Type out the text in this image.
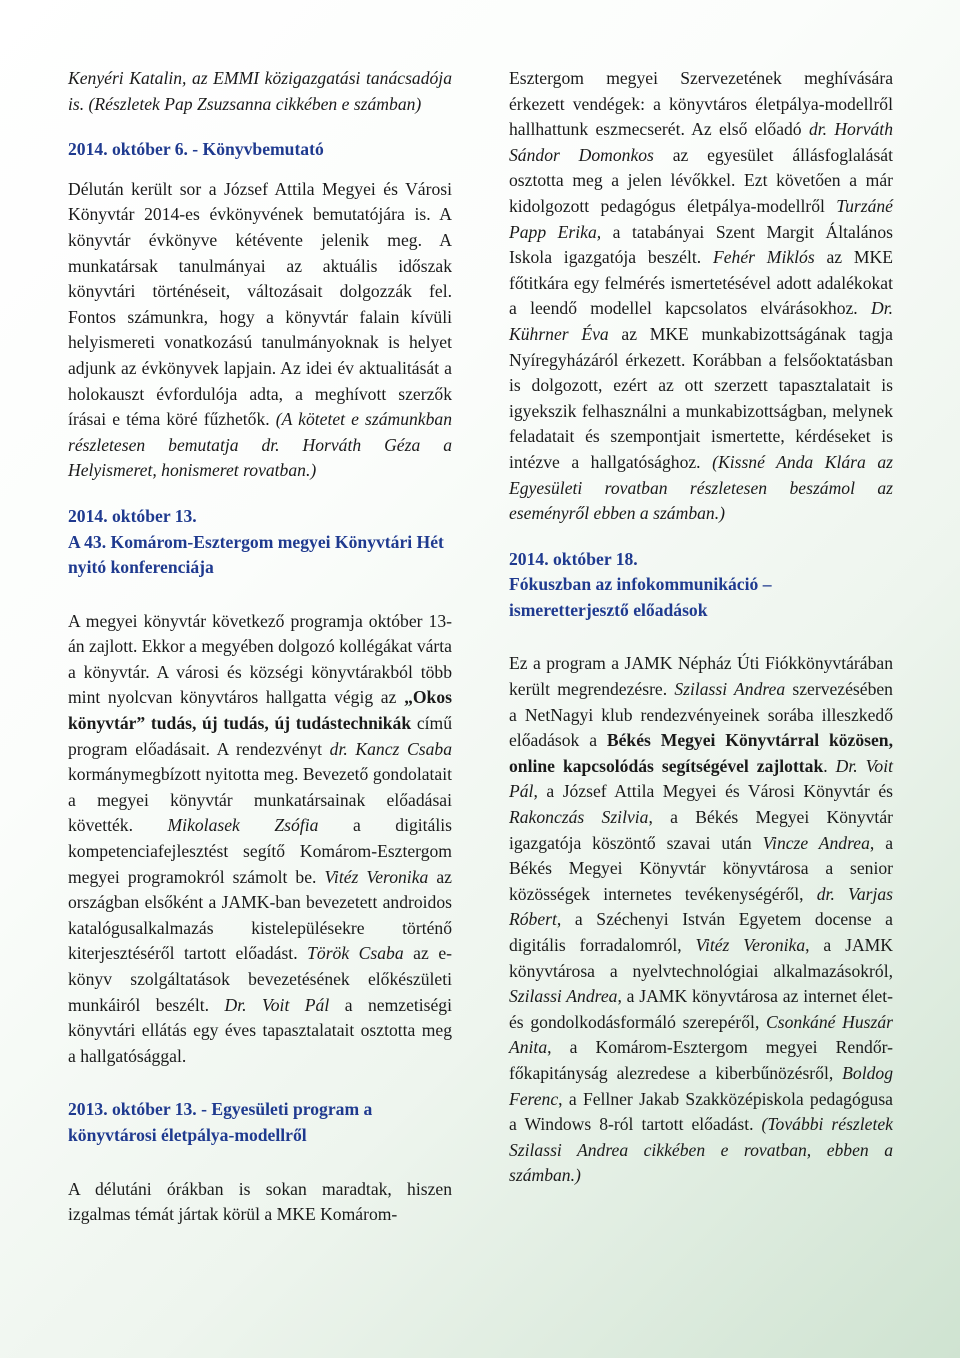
Kenyéri Katalin, az EMMI közigazgatási tanácsadója is. (Részletek Pap Zsuzsanna cikkében e számban)

2014. október 6. - Könyvbemutató

Délután került sor a József Attila Megyei és Városi Könyvtár 2014-es évkönyvének bemutatójára is. A könyvtár évkönyve kétévente jelenik meg. A munkatársak tanulmányai az aktuális időszak könyvtári történéseit, változásait dolgozzák fel. Fontos számunkra, hogy a könyvtár falain kívüli helyismereti vonatkozású tanulmányoknak is helyet adjunk az évkönyvek lapjain. Az idei év aktualitását a holokauszt évfordulója adta, a meghívott szerzők írásai e téma köré fűzhetők. (A kötetet e számunkban részletesen bemutatja dr. Horváth Géza a Helyismeret, honismeret rovatban.)

2014. október 13.

A 43. Komárom-Esztergom megyei Könyvtári Hét nyitó konferenciája

A megyei könyvtár következő programja október 13-án zajlott. Ekkor a megyében dolgozó kollégákat várta a könyvtár. A városi és községi könyvtárakból több mint nyolcvan könyvtáros hallgatta végig az „Okos könyvtár” tudás, új tudás, új tudástechnikák című program előadásait. A rendezvényt dr. Kancz Csaba kormánymegbízott nyitotta meg. Bevezető gondolatait a megyei könyvtár munkatársainak előadásai követték. Mikolasek Zsófia a digitális kompetenciafejlesztést segítő Komárom-Esztergom megyei programokról számolt be. Vitéz Veronika az országban elsőként a JAMK-ban bevezetett androidos katalógusalkalmazás kistelepülésekre történő kiterjesztéséről tartott előadást. Török Csaba az e-könyv szolgáltatások bevezetésének előkészületi munkáiról beszélt. Dr. Voit Pál a nemzetiségi könyvtári ellátás egy éves tapasztalatait osztotta meg a hallgatósággal.

2013. október 13. - Egyesületi program a könyvtárosi életpálya-modellről

A délutáni órákban is sokan maradtak, hiszen izgalmas témát jártak körül a MKE Komárom-

Esztergom megyei Szervezetének meghívására érkezett vendégek: a könyvtáros életpálya-modellről hallhattunk eszmecserét. Az első előadó dr. Horváth Sándor Domonkos az egyesület állásfoglalását osztotta meg a jelen lévőkkel. Ezt követően a már kidolgozott pedagógus életpálya-modellről Turzáné Papp Erika, a tatabányai Szent Margit Általános Iskola igazgatója beszélt. Fehér Miklós az MKE főtitkára egy felmérés ismertetésével adott adalékokat a leendő modellel kapcsolatos elvárásokhoz. Dr. Kührner Éva az MKE munkabizottságának tagja Nyíregyházáról érkezett. Korábban a felsőoktatásban is dolgozott, ezért az ott szerzett tapasztalatait is igyekszik felhasználni a munkabizottságban, melynek feladatait és szempontjait ismertette, kérdéseket is intézve a hallgatósághoz. (Kissné Anda Klára az Egyesületi rovatban részletesen beszámol az eseményről ebben a számban.)

2014. október 18.

Fókuszban az infokommunikáció – ismeretterjesztő előadások

Ez a program a JAMK Népház Úti Fiókkönyvtárában került megrendezésre. Szilassi Andrea szervezésében a NetNagyi klub rendezvényeinek sorába illeszkedő előadások a Békés Megyei Könyvtárral közösen, online kapcsolódás segítségével zajlottak. Dr. Voit Pál, a József Attila Megyei és Városi Könyvtár és Rakonczás Szilvia, a Békés Megyei Könyvtár igazgatója köszöntő szavai után Vincze Andrea, a Békés Megyei Könyvtár könyvtárosa a senior közösségek internetes tevékenységéről, dr. Varjas Róbert, a Széchenyi István Egyetem docense a digitális forradalomról, Vitéz Veronika, a JAMK könyvtárosa a nyelvtechnológiai alkalmazásokról, Szilassi Andrea, a JAMK könyvtárosa az internet élet- és gondolkodásformáló szerepéről, Csonkáné Huszár Anita, a Komárom-Esztergom megyei Rendőr-főkapitányság alezredese a kiberbűnözésről, Boldog Ferenc, a Fellner Jakab Szakközépiskola pedagógusa a Windows 8-ról tartott előadást. (További részletek Szilassi Andrea cikkében e rovatban, ebben a számban.)
